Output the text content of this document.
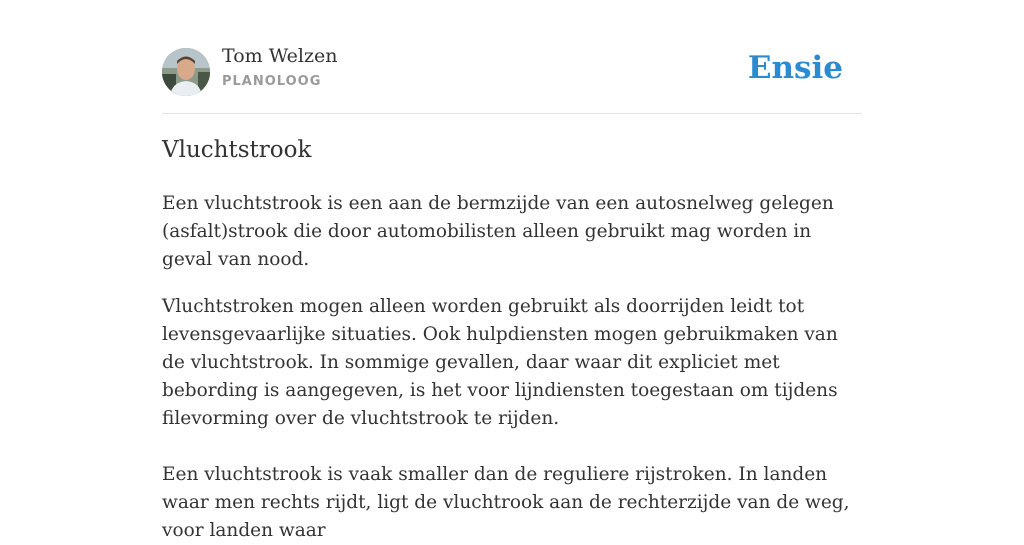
Tom Welzen
PLANOLOOG	Ensie
Vluchtstrook

Een vluchtstrook is een aan de bermzijde van een autosnelweg gelegen (asfalt)strook die door automobilisten alleen gebruikt mag worden in geval van nood.

Vluchtstroken mogen alleen worden gebruikt als doorrijden leidt tot levensgevaarlijke situaties. Ook hulpdiensten mogen gebruikmaken van de vluchtstrook. In sommige gevallen, daar waar dit expliciet met bebording is aangegeven, is het voor lijndiensten toegestaan om tijdens filevorming over de vluchtstrook te rijden.

Een vluchtstrook is vaak smaller dan de reguliere rijstroken. In landen waar men rechts rijdt, ligt de vluchtrook aan de rechterzijde van de weg, voor landen waar
